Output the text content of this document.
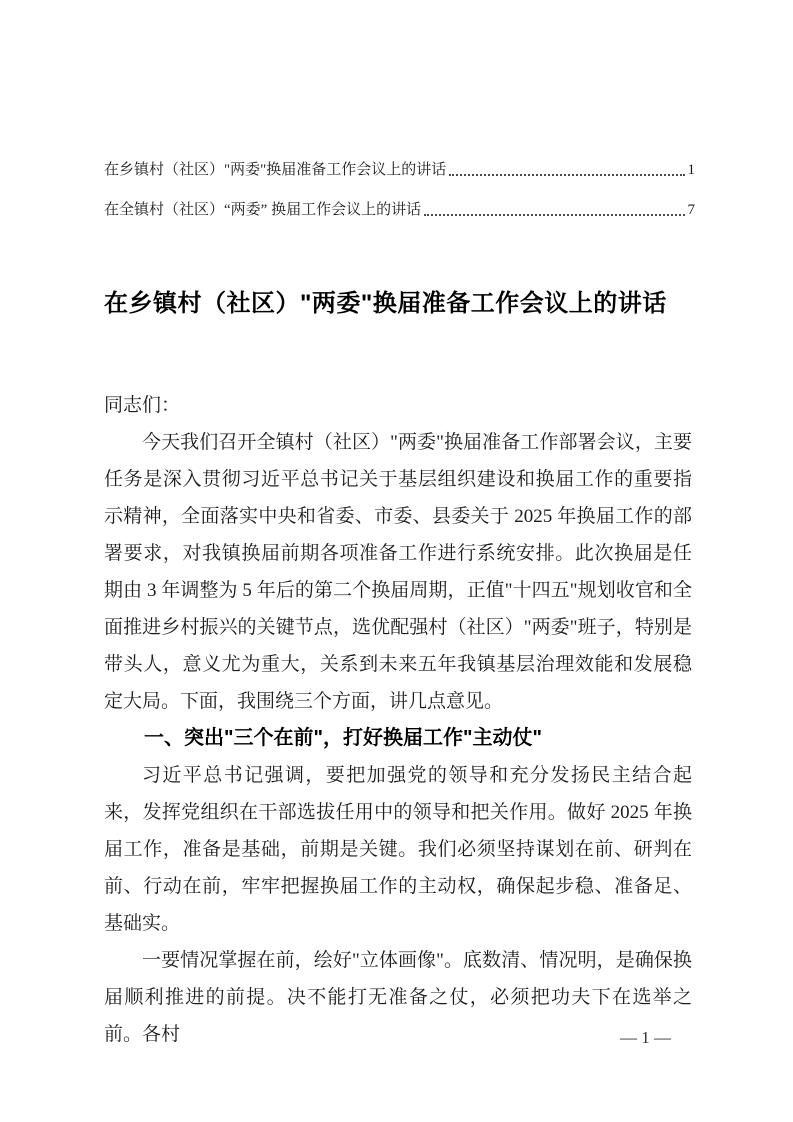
在乡镇村（社区）"两委"换届准备工作会议上的讲话	1
在全镇村（社区）“两委” 换届工作会议上的讲话	7
在乡镇村（社区）"两委"换届准备工作会议上的讲话

同志们：

今天我们召开全镇村（社区）"两委"换届准备工作部署会议，主要任务是深入贯彻习近平总书记关于基层组织建设和换届工作的重要指示精神，全面落实中央和省委、市委、县委关于 2025 年换届工作的部署要求，对我镇换届前期各项准备工作进行系统安排。此次换届是任期由 3 年调整为 5 年后的第二个换届周期，正值"十四五"规划收官和全面推进乡村振兴的关键节点，选优配强村（社区）"两委"班子，特别是带头人，意义尤为重大，关系到未来五年我镇基层治理效能和发展稳定大局。下面，我围绕三个方面，讲几点意见。

一、突出"三个在前"，打好换届工作"主动仗"

习近平总书记强调，要把加强党的领导和充分发扬民主结合起来，发挥党组织在干部选拔任用中的领导和把关作用。做好 2025 年换届工作，准备是基础，前期是关键。我们必须坚持谋划在前、研判在前、行动在前，牢牢把握换届工作的主动权，确保起步稳、准备足、基础实。

一要情况掌握在前，绘好"立体画像"。底数清、情况明，是确保换届顺利推进的前提。决不能打无准备之仗，必须把功夫下在选举之前。各村	— 1 —
